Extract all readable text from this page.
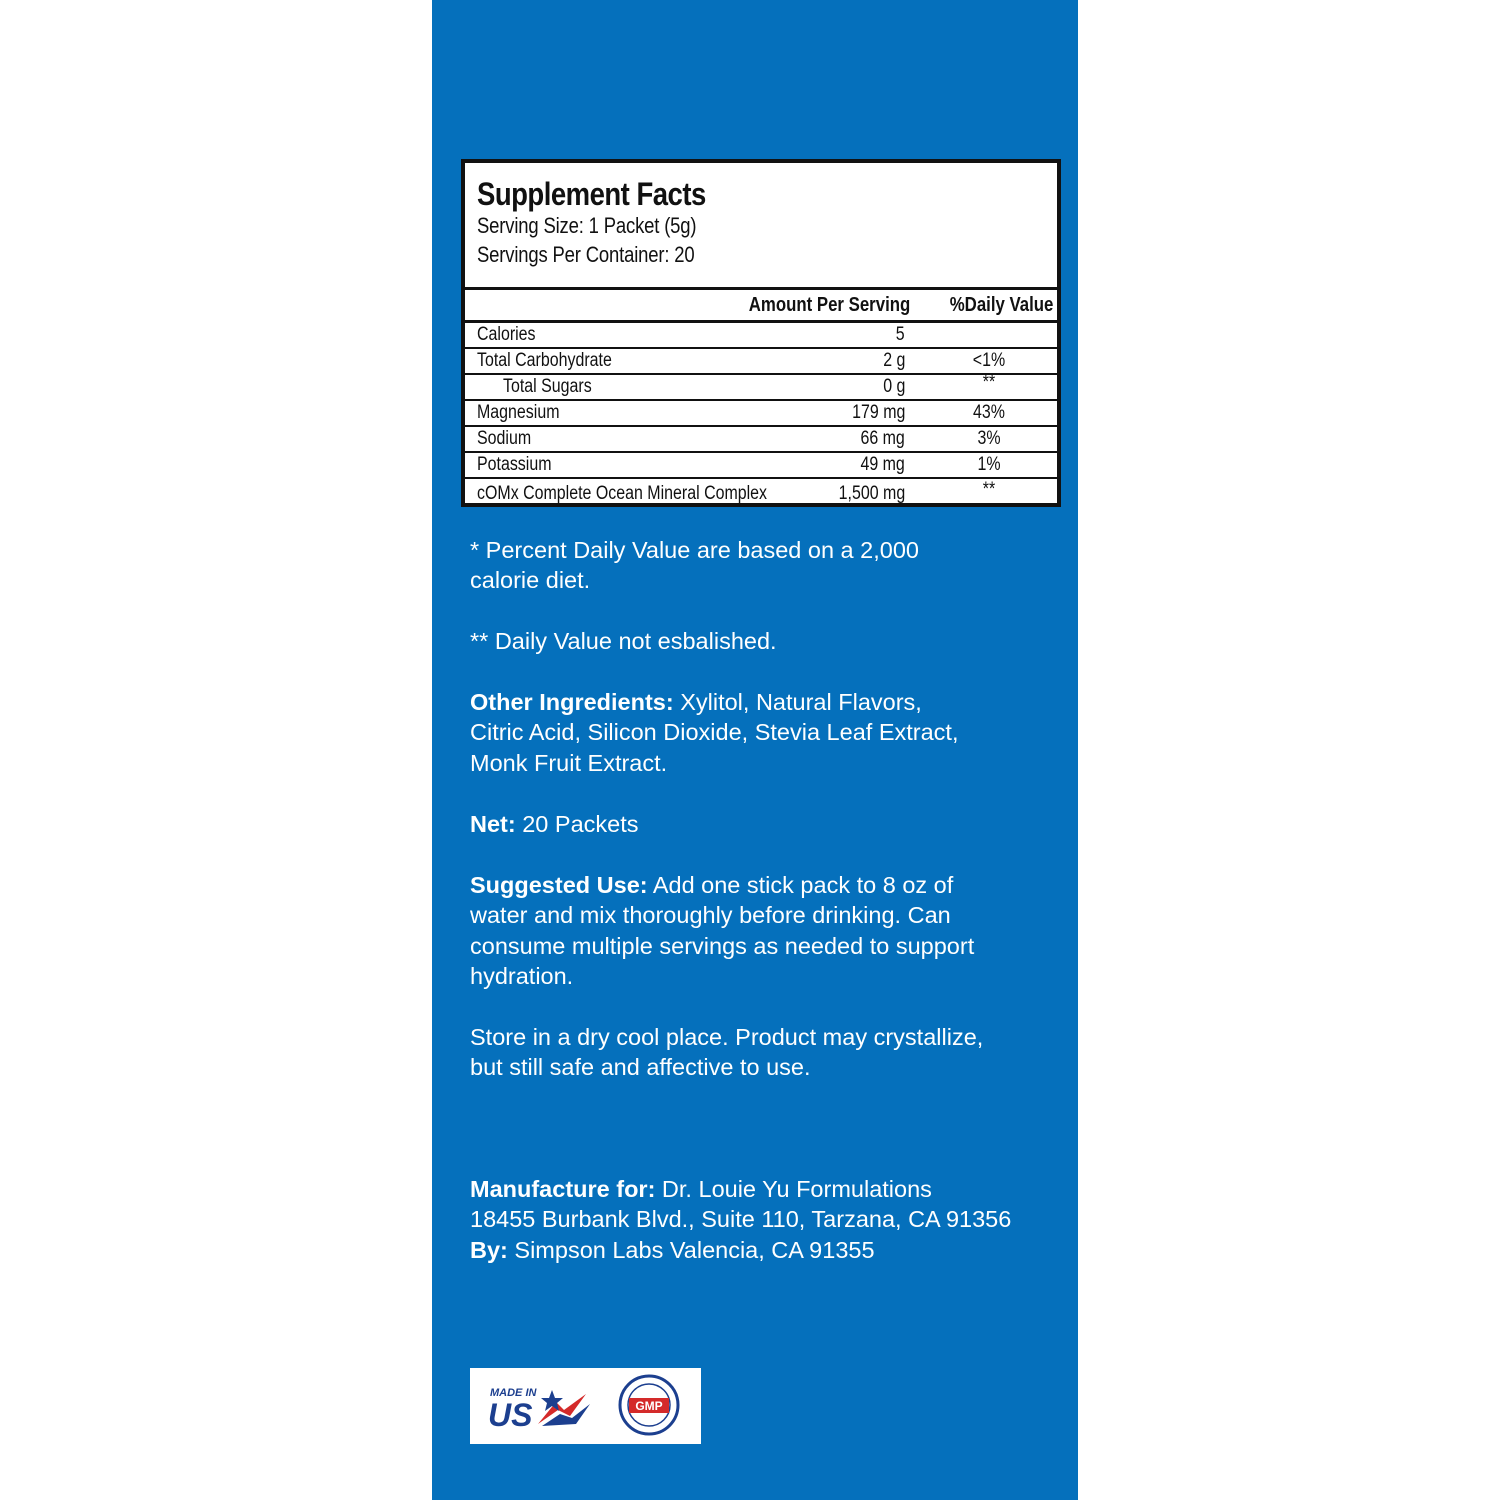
Supplement Facts
Serving Size: 1 Packet (5g)
Servings Per Container: 20
Amount Per Serving %Daily Value
Calories	5
Total Carbohydrate	2 g	<1%
Total Sugars	0 g	**
Magnesium	179 mg	43%
Sodium	66 mg	3%
Potassium	49 mg	1%
cOMx Complete Ocean Mineral Complex	1,500 mg	**
* Percent Daily Value are based on a 2,000
calorie diet.
** Daily Value not esbalished.
Other Ingredients: Xylitol, Natural Flavors,
Citric Acid, Silicon Dioxide, Stevia Leaf Extract,
Monk Fruit Extract.
Net: 20 Packets
Suggested Use: Add one stick pack to 8 oz of
water and mix thoroughly before drinking. Can
consume multiple servings as needed to support
hydration.
Store in a dry cool place. Product may crystallize,
but still safe and affective to use.
Manufacture for: Dr. Louie Yu Formulations
18455 Burbank Blvd., Suite 110, Tarzana, CA 91356
By: Simpson Labs Valencia, CA 91355
MADE IN
US	GMP
